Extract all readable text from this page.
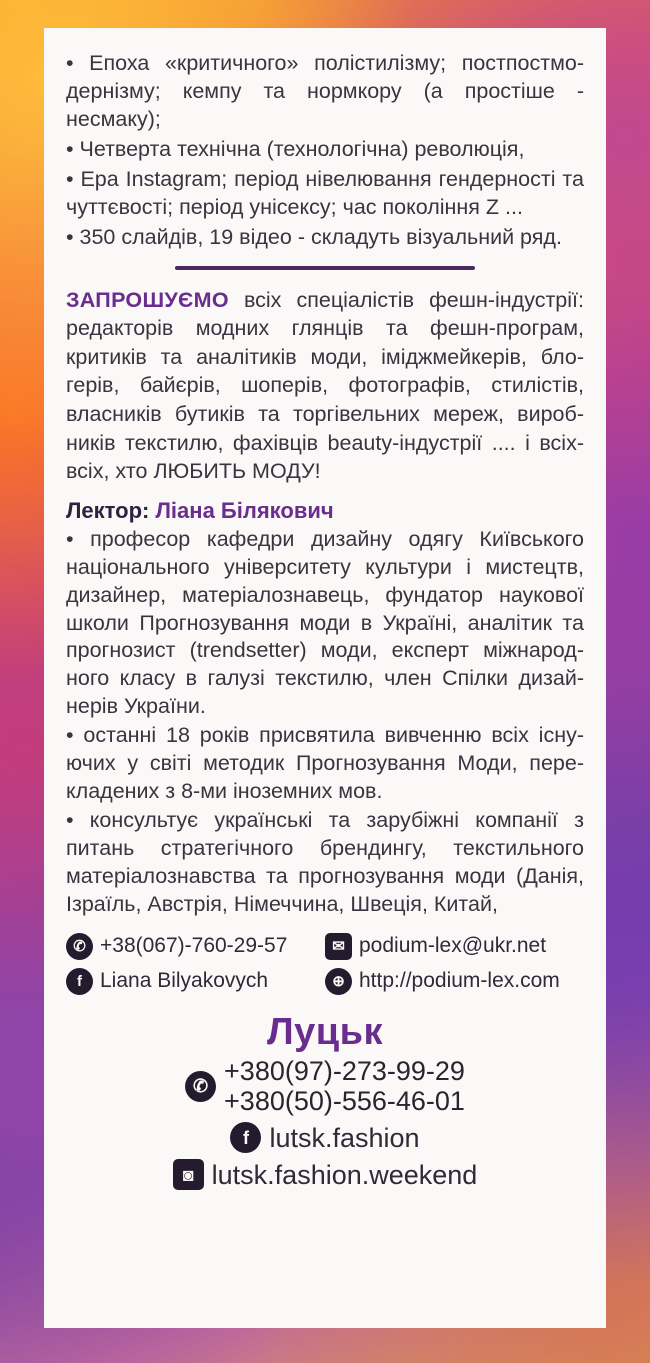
• Епоха «критичного» полістилізму; постпостмодернізму; кемпу та нормкору (а простіше - несмаку);

• Четверта технічна (технологічна) революція,

• Epa Instagram; період нівелювання гендерності та чуттєвості; період унісексу; час покоління Z ...

• 350 слайдів, 19 відео - складуть візуальний ряд.

ЗАПРОШУЄМО всіх спеціалістів фешн-індустрії: редакторів модних глянців та фешн-програм, критиків та аналітиків моди, іміджмейкерів, блогерів, байєрів, шоперів, фотографів, стилістів, власників бутиків та торгівельних мереж, виробників текстилю, фахівців beauty-індустрії .... і всіх-всіх, хто ЛЮБИТЬ МОДУ!
Лектор: Ліана Білякович

• професор кафедри дизайну одягу Київського національного університету культури і мистецтв, дизайнер, матеріалознавець, фундатор наукової школи Прогнозування моди в Україні, аналітик та прогнозист (trendsetter) моди, експерт міжнародного класу в галузі текстилю, член Спілки дизайнерів України.

• останні 18 років присвятила вивченню всіх існуючих у світі методик Прогнозування Моди, перекладених з 8-ми іноземних мов.

• консультує українські та зарубіжні компанії з питань стратегічного брендингу, текстильного матеріалознавства та прогнозування моди (Данія, Ізраїль, Австрія, Німеччина, Швеція, Китай,

✆ +38(067)-760-29-57	✉ podium-lex@ukr.net
f Liana Bilyakovych	⊕ http://podium-lex.com
Луцьк
✆
+380(97)-273-99-29
+380(50)-556-46-01
f lutsk.fashion
◙ lutsk.fashion.weekend
